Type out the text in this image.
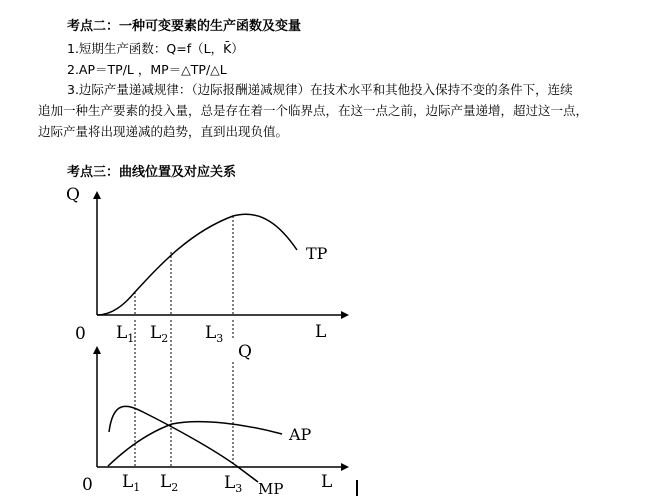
考点二：一种可变要素的生产函数及变量
1.短期生产函数：Q=f（L，K̄）
2.AP＝TP/L ，MP＝△TP/△L
3.边际产量递减规律：（边际报酬递减规律）在技术水平和其他投入保持不变的条件下，连续
追加一种生产要素的投入量，总是存在着一个临界点，在这一点之前，边际产量递增，超过这一点，
边际产量将出现递减的趋势，直到出现负值。
考点三：曲线位置及对应关系
Q
0	L
TP
$L_1$ $L_2$ $L_3$
Q
0	L
AP
MP
$L_1$ $L_2$	$L_3$
